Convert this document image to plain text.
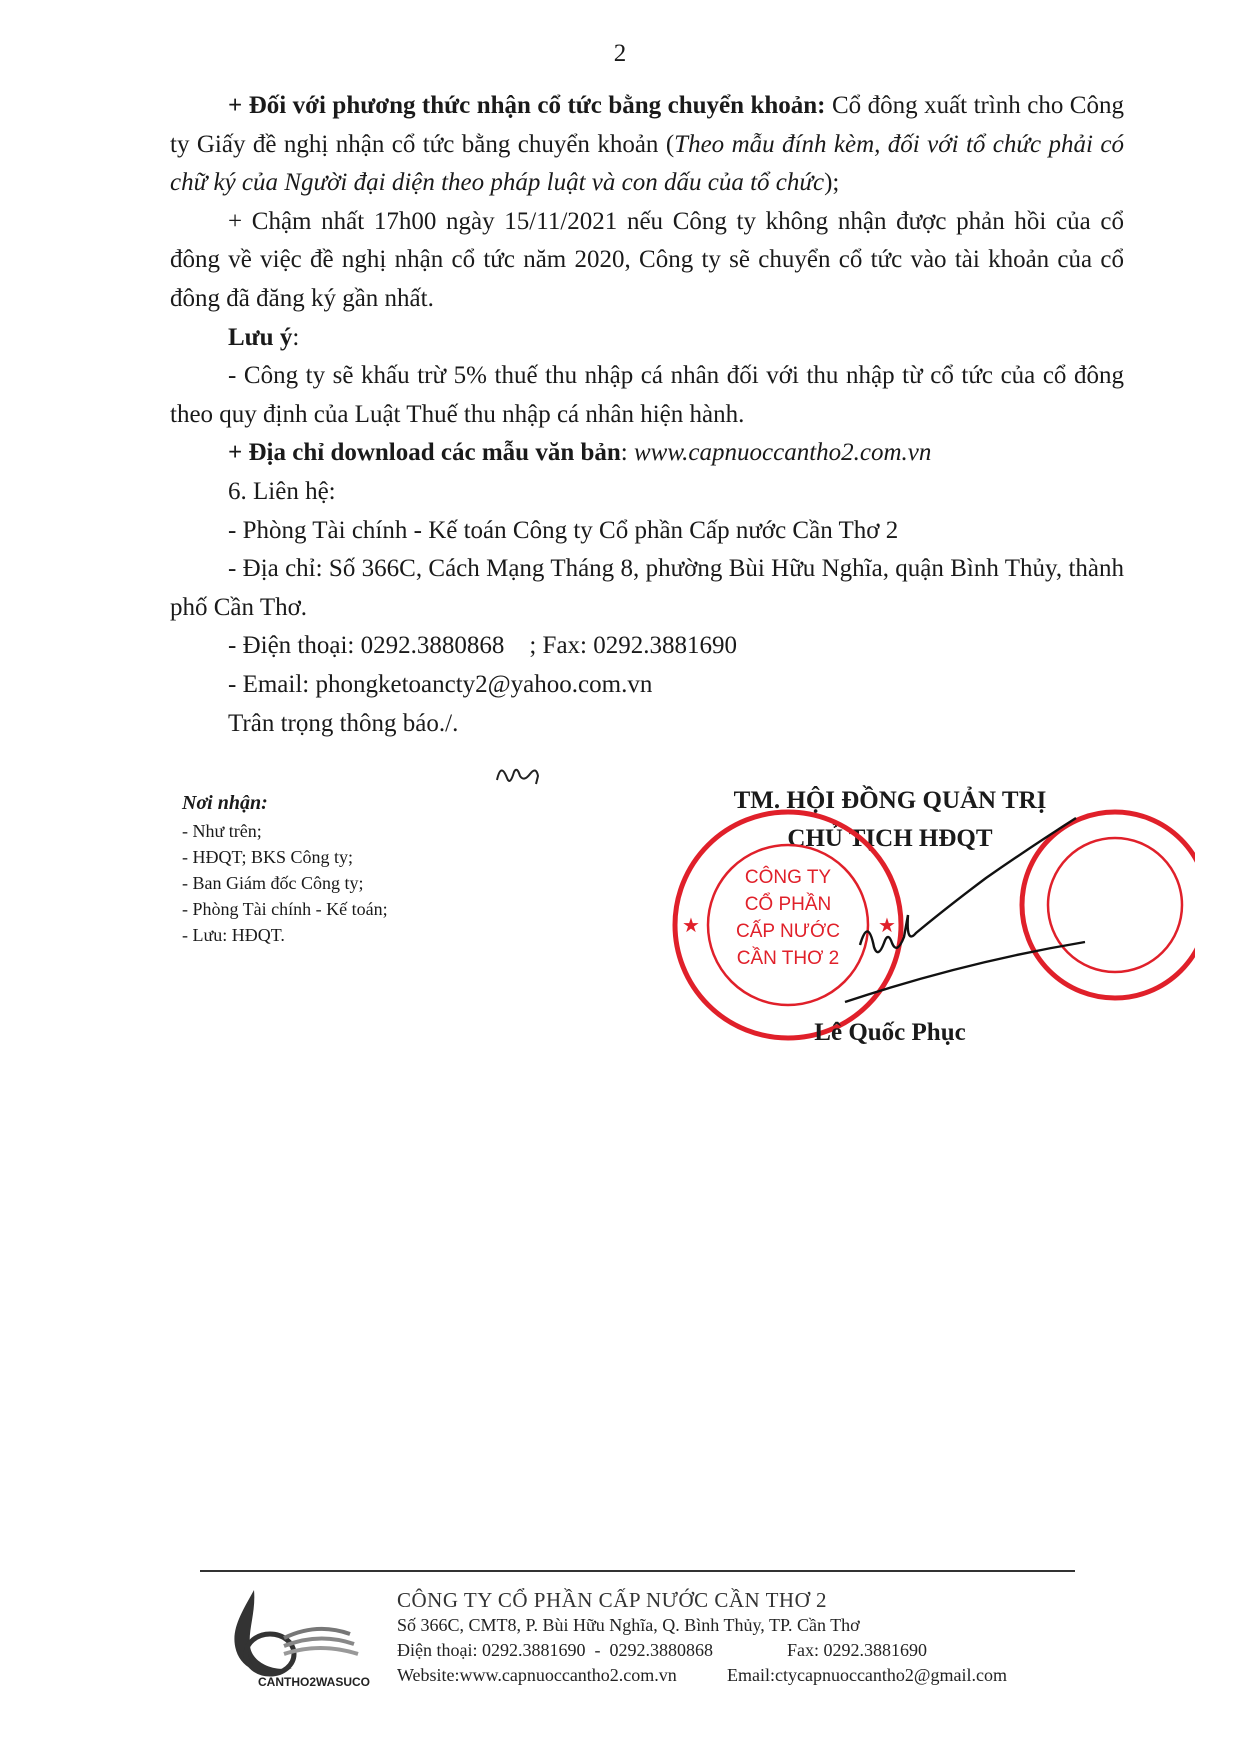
2

+ Đối với phương thức nhận cổ tức bằng chuyển khoản: Cổ đông xuất trình cho Công ty Giấy đề nghị nhận cổ tức bằng chuyển khoản (Theo mẫu đính kèm, đối với tổ chức phải có chữ ký của Người đại diện theo pháp luật và con dấu của tổ chức);

+ Chậm nhất 17h00 ngày 15/11/2021 nếu Công ty không nhận được phản hồi của cổ đông về việc đề nghị nhận cổ tức năm 2020, Công ty sẽ chuyển cổ tức vào tài khoản của cổ đông đã đăng ký gần nhất.

Lưu ý:

- Công ty sẽ khấu trừ 5% thuế thu nhập cá nhân đối với thu nhập từ cổ tức của cổ đông theo quy định của Luật Thuế thu nhập cá nhân hiện hành.

+ Địa chỉ download các mẫu văn bản: www.capnuoccantho2.com.vn

6. Liên hệ:

- Phòng Tài chính - Kế toán Công ty Cổ phần Cấp nước Cần Thơ 2

- Địa chỉ: Số 366C, Cách Mạng Tháng 8, phường Bùi Hữu Nghĩa, quận Bình Thủy, thành phố Cần Thơ.

- Điện thoại: 0292.3880868    ; Fax: 0292.3881690

- Email: phongketoancty2@yahoo.com.vn

Trân trọng thông báo./.

Nơi nhận:
- Như trên;
- HĐQT; BKS Công ty;
- Ban Giám đốc Công ty;
- Phòng Tài chính - Kế toán;
- Lưu: HĐQT.
TM. HỘI ĐỒNG QUẢN TRỊ
CHỦ TỊCH HĐQT
CÔNG TY
CỔ PHẦN
CẤP NƯỚC
CẦN THƠ 2
★	★
Lê Quốc Phục
CANTHO2WASUCO
CÔNG TY CỔ PHẦN CẤP NƯỚC CẦN THƠ 2
Số 366C, CMT8, P. Bùi Hữu Nghĩa, Q. Bình Thủy, TP. Cần Thơ
Điện thoại: 0292.3881690  -  0292.3880868	Fax: 0292.3881690
Website:www.capnuoccantho2.com.vn	Email:ctycapnuoccantho2@gmail.com
